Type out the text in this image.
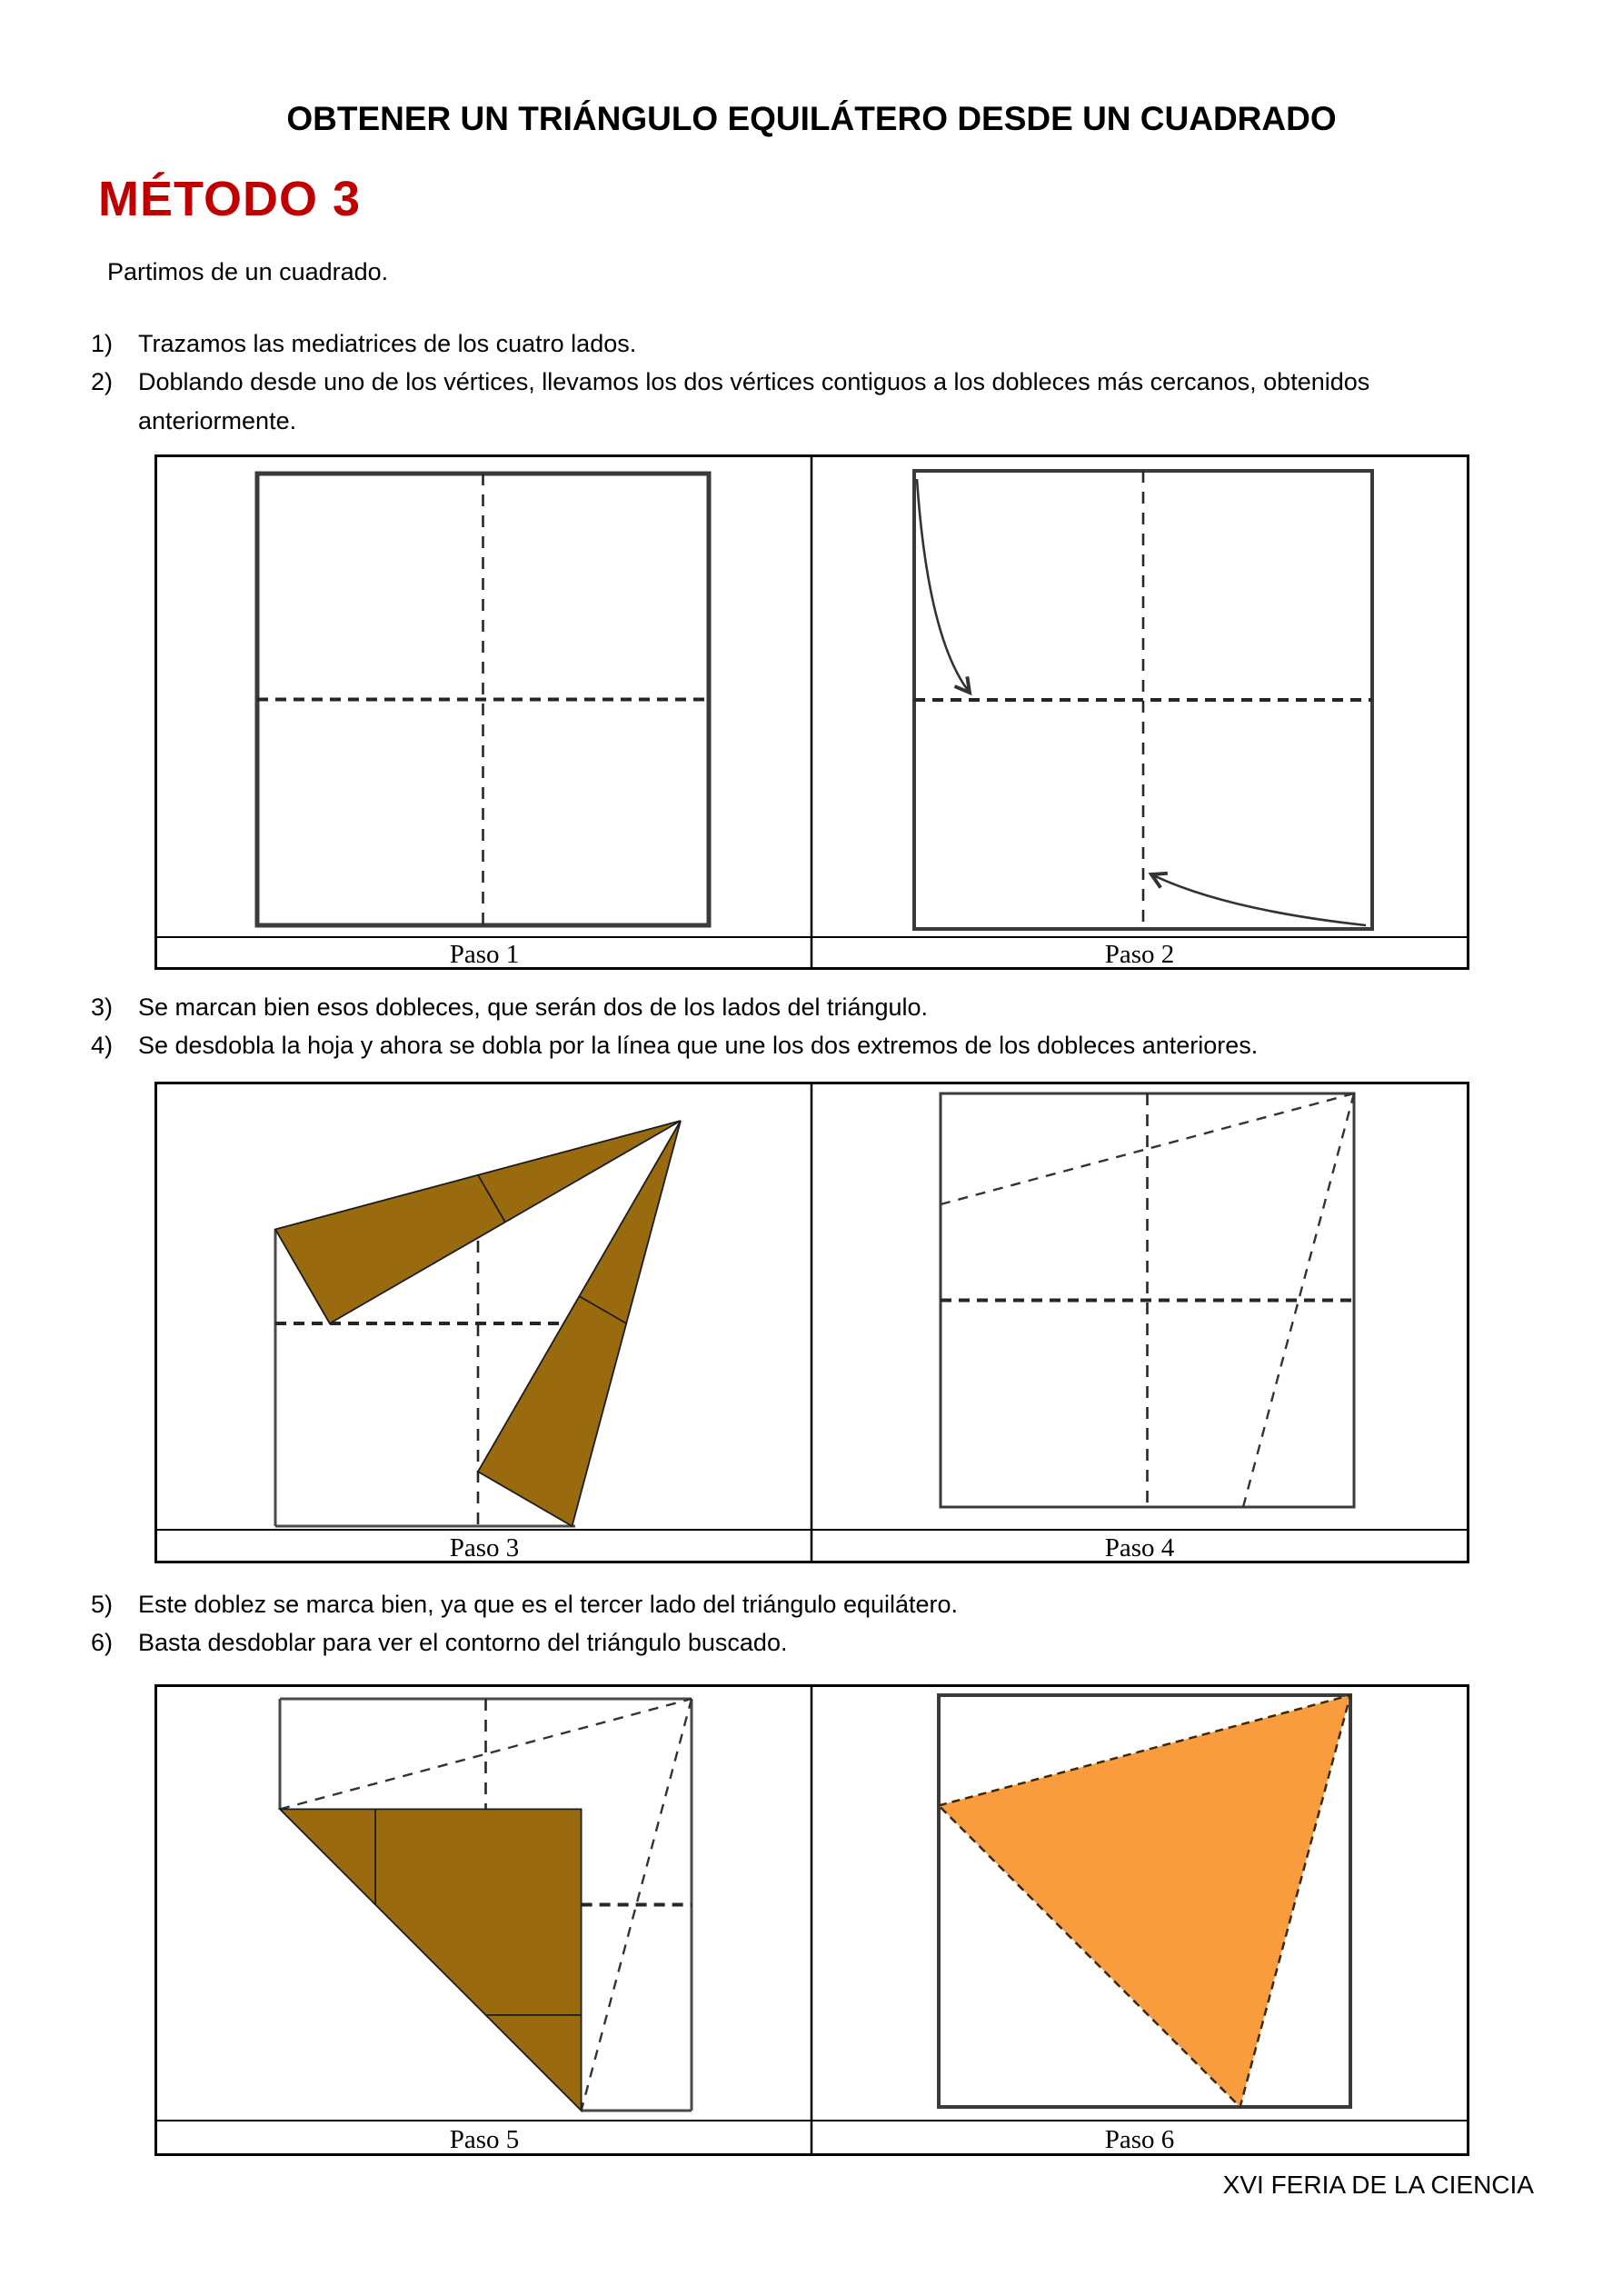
OBTENER UN TRIÁNGULO EQUILÁTERO DESDE UN CUADRADO
MÉTODO 3
Partimos de un cuadrado.
1)	Trazamos las mediatrices de los cuatro lados.
2)	Doblando desde uno de los vértices, llevamos los dos vértices contiguos a los dobleces más cercanos, obtenidos anteriormente.
Paso 1	Paso 2
3)	Se marcan bien esos dobleces, que serán dos de los lados del triángulo.
4)	Se desdobla la hoja y ahora se dobla por la línea que une los dos extremos de los dobleces anteriores.
Paso 3	Paso 4
5)	Este doblez se marca bien, ya que es el tercer lado del triángulo equilátero.
6)	Basta desdoblar para ver el contorno del triángulo buscado.
Paso 5	Paso 6
XVI FERIA DE LA CIENCIA
